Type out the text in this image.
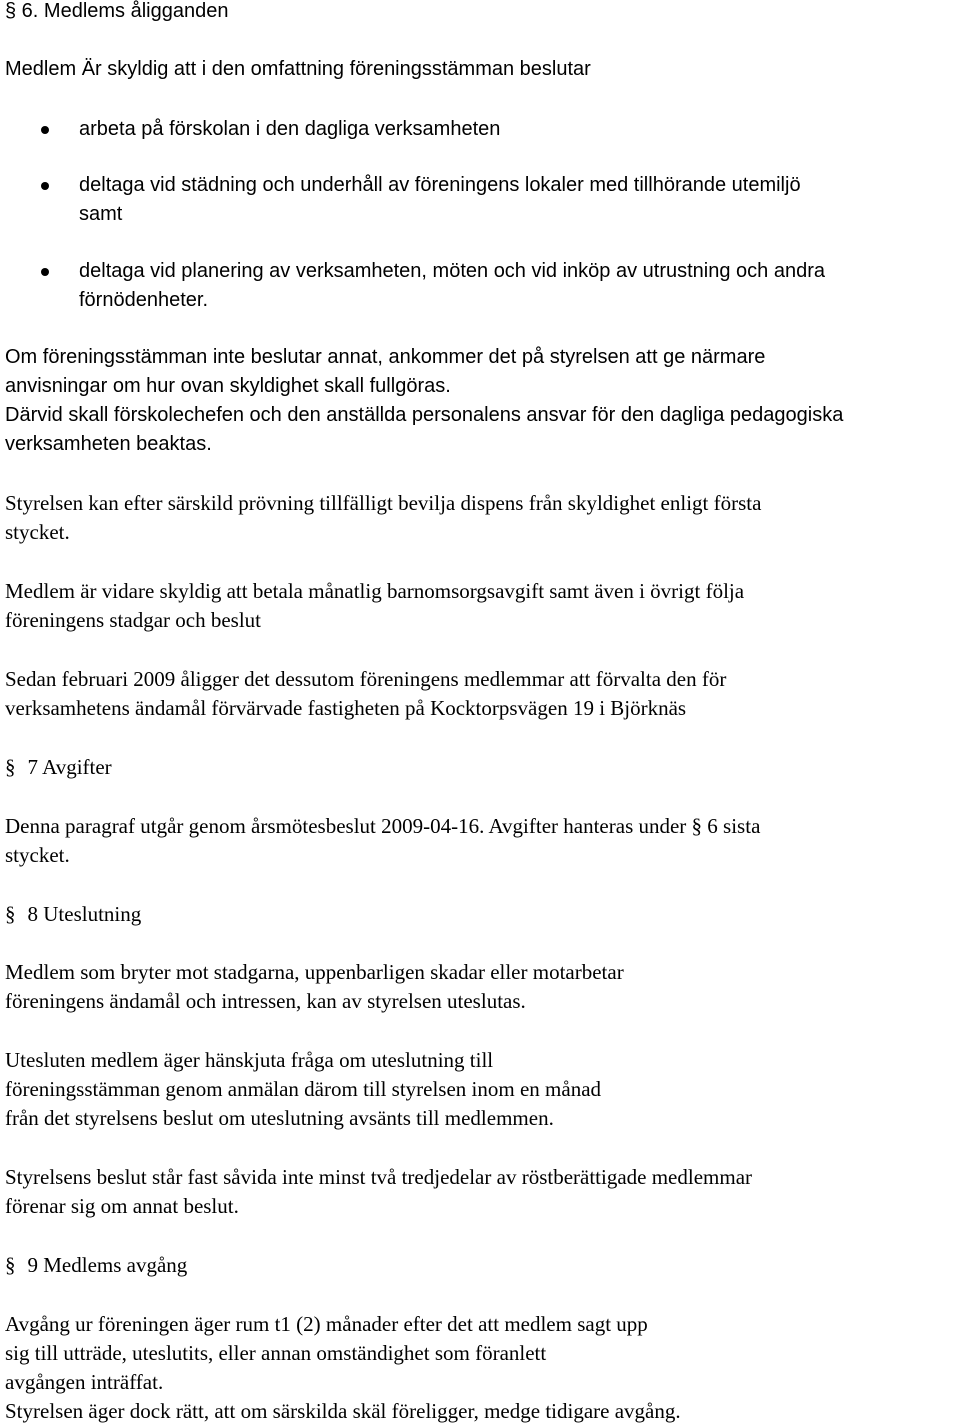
§ 6. Medlems åligganden
Medlem Är skyldig att i den omfattning föreningsstämman beslutar
arbeta på förskolan i den dagliga verksamheten
deltaga vid städning och underhåll av föreningens lokaler med tillhörande utemiljö
samt
deltaga vid planering av verksamheten, möten och vid inköp av utrustning och andra
förnödenheter.
Om föreningsstämman inte beslutar annat, ankommer det på styrelsen att ge närmare
anvisningar om hur ovan skyldighet skall fullgöras.
Därvid skall förskolechefen och den anställda personalens ansvar för den dagliga pedagogiska
verksamheten beaktas.
Styrelsen kan efter särskild prövning tillfälligt bevilja dispens från skyldighet enligt första
stycket.
Medlem är vidare skyldig att betala månatlig barnomsorgsavgift samt även i övrigt följa
föreningens stadgar och beslut
Sedan februari 2009 åligger det dessutom föreningens medlemmar att förvalta den för
verksamhetens ändamål förvärvade fastigheten på Kocktorpsvägen 19 i Björknäs
§ 7 Avgifter
Denna paragraf utgår genom årsmötesbeslut 2009-04-16. Avgifter hanteras under § 6 sista
stycket.
§ 8 Uteslutning
Medlem som bryter mot stadgarna, uppenbarligen skadar eller motarbetar
föreningens ändamål och intressen, kan av styrelsen uteslutas.
Utesluten medlem äger hänskjuta fråga om uteslutning till
föreningsstämman genom anmälan därom till styrelsen inom en månad
från det styrelsens beslut om uteslutning avsänts till medlemmen.
Styrelsens beslut står fast såvida inte minst två tredjedelar av röstberättigade medlemmar
förenar sig om annat beslut.
§ 9 Medlems avgång
Avgång ur föreningen äger rum t1 (2) månader efter det att medlem sagt upp
sig till utträde, uteslutits, eller annan omständighet som föranlett
avgången inträffat.
Styrelsen äger dock rätt, att om särskilda skäl föreligger, medge tidigare avgång.
